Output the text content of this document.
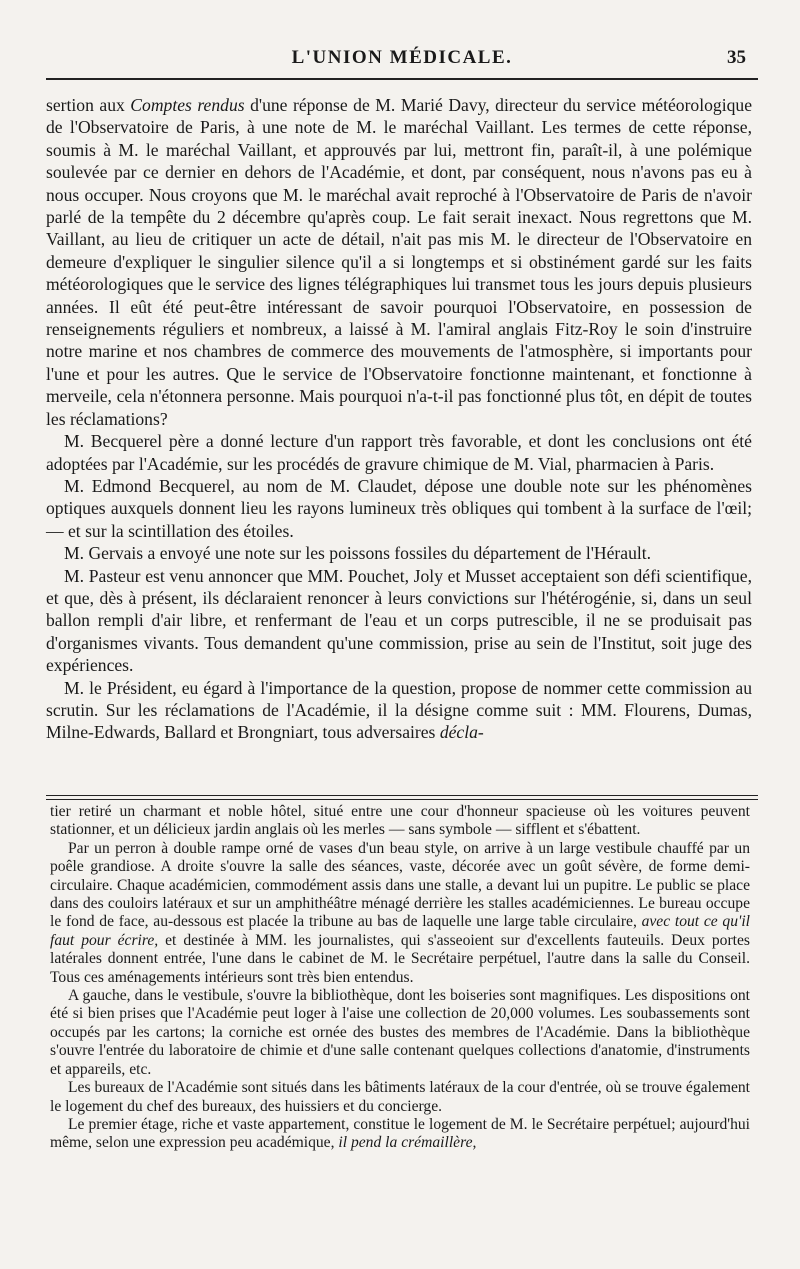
L'UNION MÉDICALE.	35

sertion aux Comptes rendus d'une réponse de M. Marié Davy, directeur du service météorologique de l'Observatoire de Paris, à une note de M. le maréchal Vaillant. Les termes de cette réponse, soumis à M. le maréchal Vaillant, et approuvés par lui, mettront fin, paraît-il, à une polémique soulevée par ce dernier en dehors de l'Académie, et dont, par conséquent, nous n'avons pas eu à nous occuper. Nous croyons que M. le maréchal avait reproché à l'Observatoire de Paris de n'avoir parlé de la tempête du 2 décembre qu'après coup. Le fait serait inexact. Nous regrettons que M. Vaillant, au lieu de critiquer un acte de détail, n'ait pas mis M. le directeur de l'Observatoire en demeure d'expliquer le singulier silence qu'il a si longtemps et si obstinément gardé sur les faits météorologiques que le service des lignes télégraphiques lui transmet tous les jours depuis plusieurs années. Il eût été peut-être intéressant de savoir pourquoi l'Observatoire, en possession de renseignements réguliers et nombreux, a laissé à M. l'amiral anglais Fitz-Roy le soin d'instruire notre marine et nos chambres de commerce des mouvements de l'atmosphère, si importants pour l'une et pour les autres. Que le service de l'Observatoire fonctionne maintenant, et fonctionne à merveile, cela n'étonnera personne. Mais pourquoi n'a-t-il pas fonctionné plus tôt, en dépit de toutes les réclamations?

M. Becquerel père a donné lecture d'un rapport très favorable, et dont les conclusions ont été adoptées par l'Académie, sur les procédés de gravure chimique de M. Vial, pharmacien à Paris.

M. Edmond Becquerel, au nom de M. Claudet, dépose une double note sur les phénomènes optiques auxquels donnent lieu les rayons lumineux très obliques qui tombent à la surface de l'œil; — et sur la scintillation des étoiles.

M. Gervais a envoyé une note sur les poissons fossiles du département de l'Hérault.

M. Pasteur est venu annoncer que MM. Pouchet, Joly et Musset acceptaient son défi scientifique, et que, dès à présent, ils déclaraient renoncer à leurs convictions sur l'hétérogénie, si, dans un seul ballon rempli d'air libre, et renfermant de l'eau et un corps putrescible, il ne se produisait pas d'organismes vivants. Tous demandent qu'une commission, prise au sein de l'Institut, soit juge des expériences.

M. le Président, eu égard à l'importance de la question, propose de nommer cette commission au scrutin. Sur les réclamations de l'Académie, il la désigne comme suit : MM. Flourens, Dumas, Milne-Edwards, Ballard et Brongniart, tous adversaires décla-

tier retiré un charmant et noble hôtel, situé entre une cour d'honneur spacieuse où les voitures peuvent stationner, et un délicieux jardin anglais où les merles — sans symbole — sifflent et s'ébattent.

Par un perron à double rampe orné de vases d'un beau style, on arrive à un large vestibule chauffé par un poêle grandiose. A droite s'ouvre la salle des séances, vaste, décorée avec un goût sévère, de forme demi-circulaire. Chaque académicien, commodément assis dans une stalle, a devant lui un pupitre. Le public se place dans des couloirs latéraux et sur un amphithéâtre ménagé derrière les stalles académiciennes. Le bureau occupe le fond de face, au-dessous est placée la tribune au bas de laquelle une large table circulaire, avec tout ce qu'il faut pour écrire, et destinée à MM. les journalistes, qui s'asseoient sur d'excellents fauteuils. Deux portes latérales donnent entrée, l'une dans le cabinet de M. le Secrétaire perpétuel, l'autre dans la salle du Conseil. Tous ces aménagements intérieurs sont très bien entendus.

A gauche, dans le vestibule, s'ouvre la bibliothèque, dont les boiseries sont magnifiques. Les dispositions ont été si bien prises que l'Académie peut loger à l'aise une collection de 20,000 volumes. Les soubassements sont occupés par les cartons; la corniche est ornée des bustes des membres de l'Académie. Dans la bibliothèque s'ouvre l'entrée du laboratoire de chimie et d'une salle contenant quelques collections d'anatomie, d'instruments et appareils, etc.

Les bureaux de l'Académie sont situés dans les bâtiments latéraux de la cour d'entrée, où se trouve également le logement du chef des bureaux, des huissiers et du concierge.

Le premier étage, riche et vaste appartement, constitue le logement de M. le Secrétaire perpétuel; aujourd'hui même, selon une expression peu académique, il pend la crémaillère,
